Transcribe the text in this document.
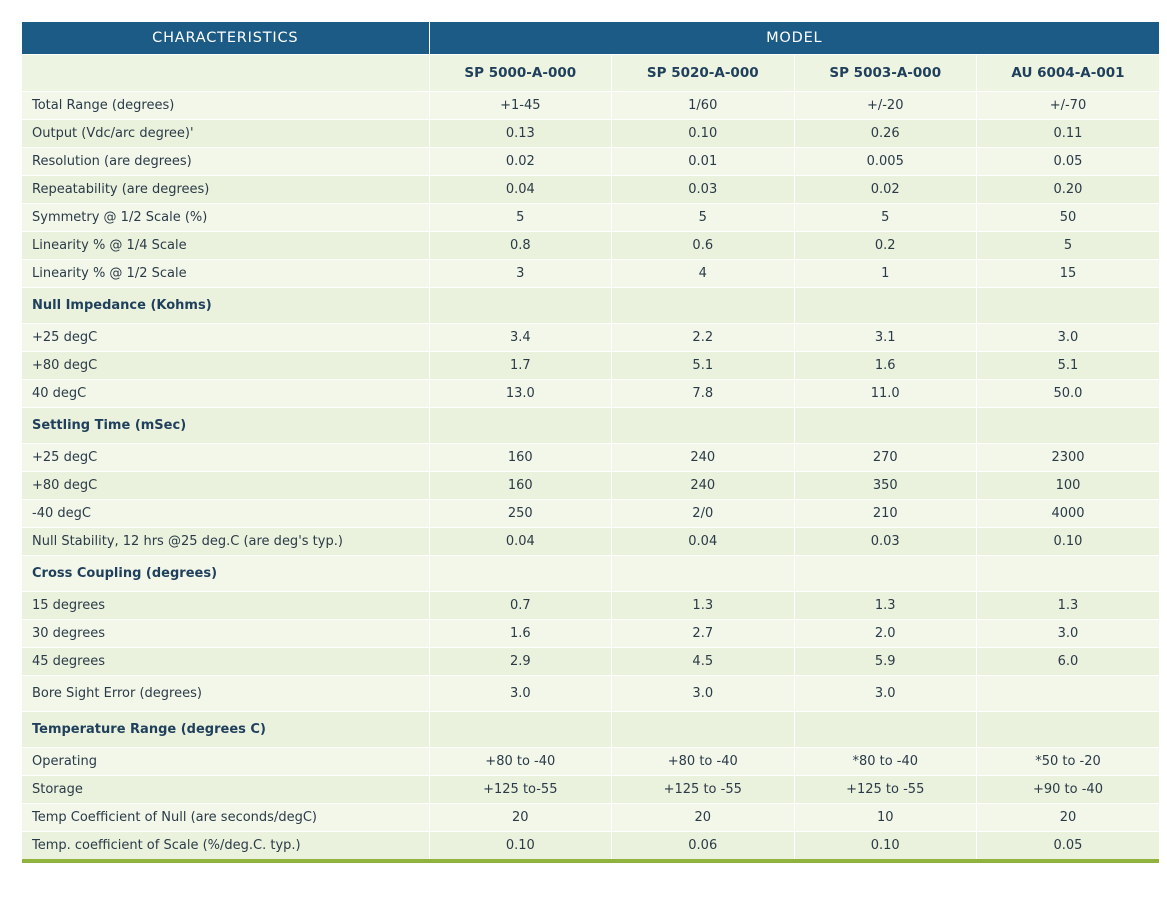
CHARACTERISTICS	MODEL			
	SP 5000-A-000	SP 5020-A-000	SP 5003-A-000	AU 6004-A-001
Total Range (degrees)	+1-45	1/60	+/-20	+/-70
Output (Vdc/arc degree)'	0.13	0.10	0.26	0.11
Resolution (are degrees)	0.02	0.01	0.005	0.05
Repeatability (are degrees)	0.04	0.03	0.02	0.20
Symmetry @ 1/2 Scale (%)	5	5	5	50
Linearity % @ 1/4 Scale	0.8	0.6	0.2	5
Linearity % @ 1/2 Scale	3	4	1	15
Null Impedance (Kohms)				
+25 degC	3.4	2.2	3.1	3.0
+80 degC	1.7	5.1	1.6	5.1
40 degC	13.0	7.8	11.0	50.0
Settling Time (mSec)				
+25 degC	160	240	270	2300
+80 degC	160	240	350	100
-40 degC	250	2/0	210	4000
Null Stability, 12 hrs @25 deg.C (are deg's typ.)	0.04	0.04	0.03	0.10
Cross Coupling (degrees)				
15 degrees	0.7	1.3	1.3	1.3
30 degrees	1.6	2.7	2.0	3.0
45 degrees	2.9	4.5	5.9	6.0
Bore Sight Error (degrees)	3.0	3.0	3.0	
Temperature Range (degrees C)				
Operating	+80 to -40	+80 to -40	*80 to -40	*50 to -20
Storage	+125 to-55	+125 to -55	+125 to -55	+90 to -40
Temp Coefficient of Null (are seconds/degC)	20	20	10	20
Temp. coefficient of Scale (%/deg.C. typ.)	0.10	0.06	0.10	0.05
